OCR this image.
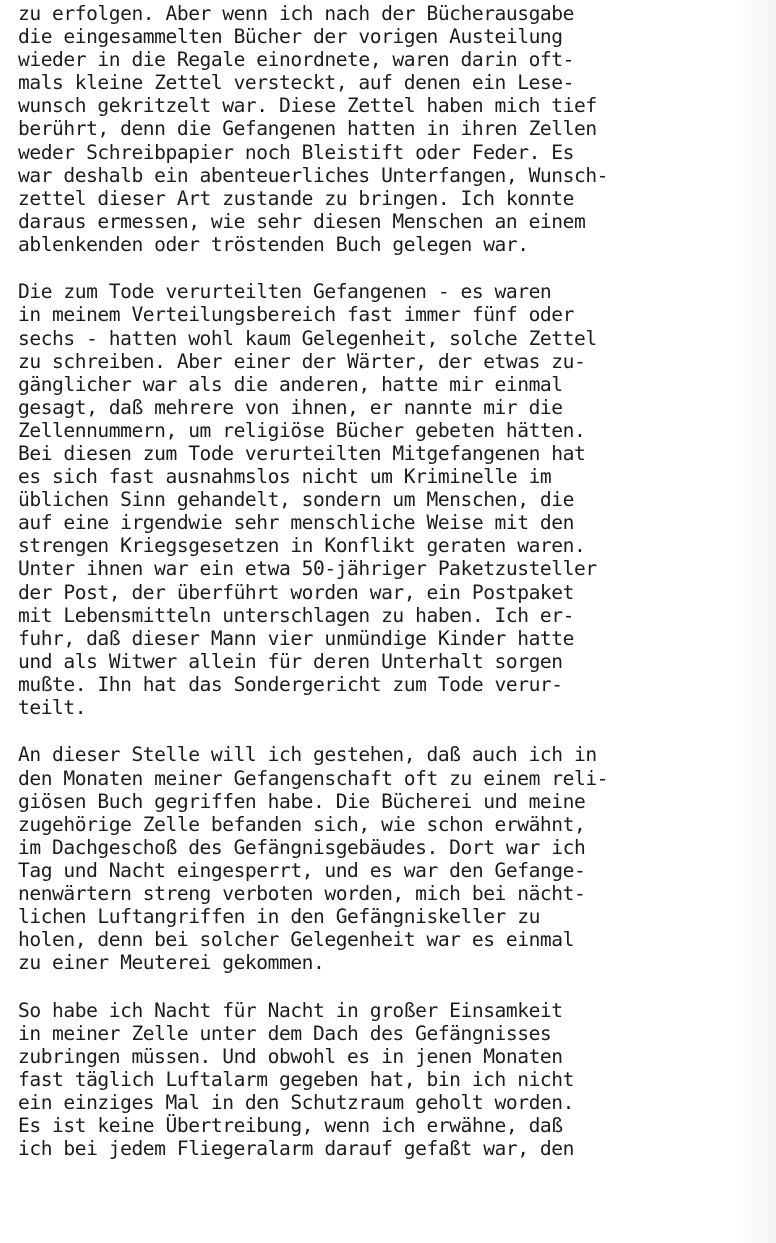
zu erfolgen. Aber wenn ich nach der Bücherausgabe
die eingesammelten Bücher der vorigen Austeilung
wieder in die Regale einordnete, waren darin oft-
mals kleine Zettel versteckt, auf denen ein Lese-
wunsch gekritzelt war. Diese Zettel haben mich tief
berührt, denn die Gefangenen hatten in ihren Zellen
weder Schreibpapier noch Bleistift oder Feder. Es
war deshalb ein abenteuerliches Unterfangen, Wunsch-
zettel dieser Art zustande zu bringen. Ich konnte
daraus ermessen, wie sehr diesen Menschen an einem
ablenkenden oder tröstenden Buch gelegen war.
Die zum Tode verurteilten Gefangenen - es waren
in meinem Verteilungsbereich fast immer fünf oder
sechs - hatten wohl kaum Gelegenheit, solche Zettel
zu schreiben. Aber einer der Wärter, der etwas zu-
gänglicher war als die anderen, hatte mir einmal
gesagt, daß mehrere von ihnen, er nannte mir die
Zellennummern, um religiöse Bücher gebeten hätten.
Bei diesen zum Tode verurteilten Mitgefangenen hat
es sich fast ausnahmslos nicht um Kriminelle im
üblichen Sinn gehandelt, sondern um Menschen, die
auf eine irgendwie sehr menschliche Weise mit den
strengen Kriegsgesetzen in Konflikt geraten waren.
Unter ihnen war ein etwa 50-jähriger Paketzusteller
der Post, der überführt worden war, ein Postpaket
mit Lebensmitteln unterschlagen zu haben. Ich er-
fuhr, daß dieser Mann vier unmündige Kinder hatte
und als Witwer allein für deren Unterhalt sorgen
mußte. Ihn hat das Sondergericht zum Tode verur-
teilt.
An dieser Stelle will ich gestehen, daß auch ich in
den Monaten meiner Gefangenschaft oft zu einem reli-
giösen Buch gegriffen habe. Die Bücherei und meine
zugehörige Zelle befanden sich, wie schon erwähnt,
im Dachgeschoß des Gefängnisgebäudes. Dort war ich
Tag und Nacht eingesperrt, und es war den Gefange-
nenwärtern streng verboten worden, mich bei nächt-
lichen Luftangriffen in den Gefängniskeller zu
holen, denn bei solcher Gelegenheit war es einmal
zu einer Meuterei gekommen.
So habe ich Nacht für Nacht in großer Einsamkeit
in meiner Zelle unter dem Dach des Gefängnisses
zubringen müssen. Und obwohl es in jenen Monaten
fast täglich Luftalarm gegeben hat, bin ich nicht
ein einziges Mal in den Schutzraum geholt worden.
Es ist keine Übertreibung, wenn ich erwähne, daß
ich bei jedem Fliegeralarm darauf gefaßt war, den
